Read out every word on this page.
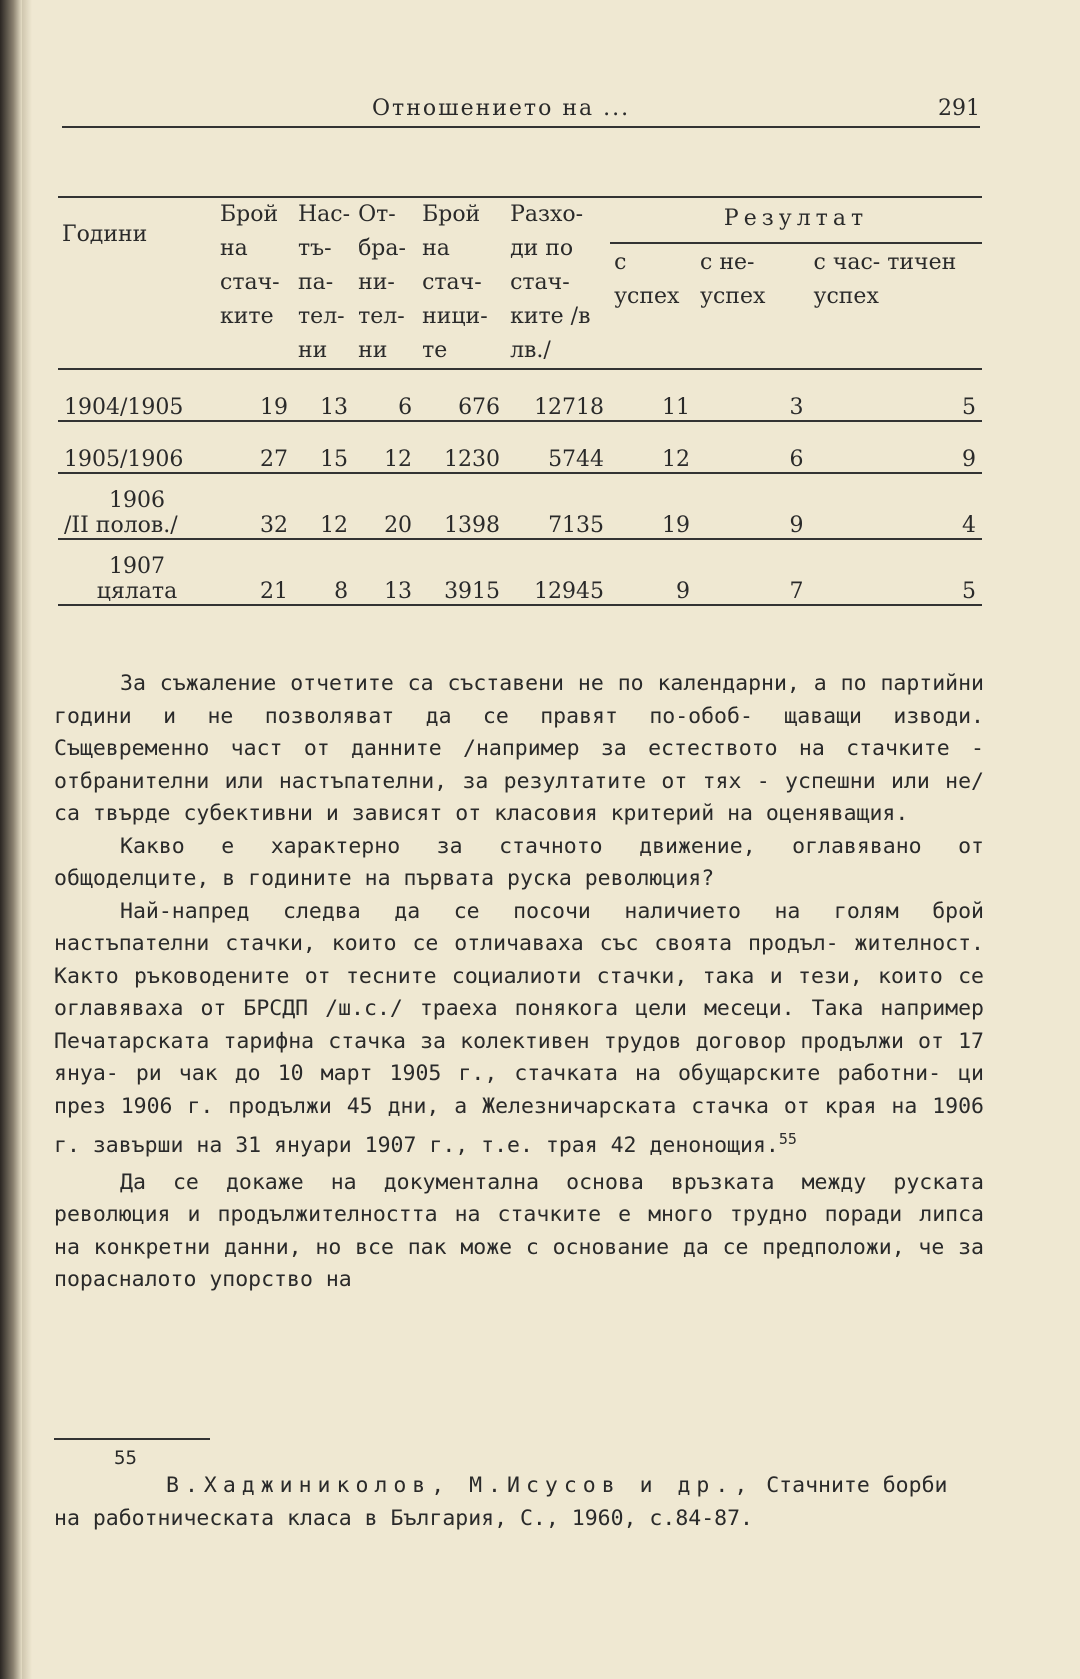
Отношението на ...	291
Години	Брой на стач- ките	Нас- тъ- па- тел- ни	От- бра- ни- тел- ни	Брой на стач- ници- те	Разхо- ди по стач- ките /в лв./	Резултат		
						с успех	с не- успех	с час- тичен успех
1904/1905	19	13	6	676	12718	11	3	5
1905/1906	27	15	12	1230	5744	12	6	9

1906
/II полов./	32	12	20	1398	7135	19	9	4

1907
цялата	21	8	13	3915	12945	9	7	5

За съжаление отчетите са съставени не по календарни, а по партийни години и не позволяват да се правят по-обоб- щаващи изводи. Същевременно част от данните /например за естеството на стачките - отбранителни или настъпателни, за резултатите от тях - успешни или не/ са твърде субективни и зависят от класовия критерий на оценяващия.

Какво е характерно за стачното движение, оглавявано от общоделците, в годините на първата руска революция?

Най-напред следва да се посочи наличието на голям брой настъпателни стачки, които се отличаваха със своята продъл- жителност. Както ръководените от тесните социалиоти стачки, така и тези, които се оглавяваха от БРСДП /ш.с./ траеха понякога цели месеци. Така например Печатарската тарифна стачка за колективен трудов договор продължи от 17 януа- ри чак до 10 март 1905 г., стачката на обущарските работни- ци през 1906 г. продължи 45 дни, а Железничарската стачка от края на 1906 г. завърши на 31 януари 1907 г., т.е. трая 42 денонощия.$^{55}$

Да се докаже на документална основа връзката между руската революция и продължителността на стачките е много трудно поради липса на конкретни данни, но все пак може с основание да се предположи, че за порасналото упорство на

55
В.Хаджиниколов, М.Исусов и др., Стачните борби на работническата класа в България, С., 1960, с.84-87.
